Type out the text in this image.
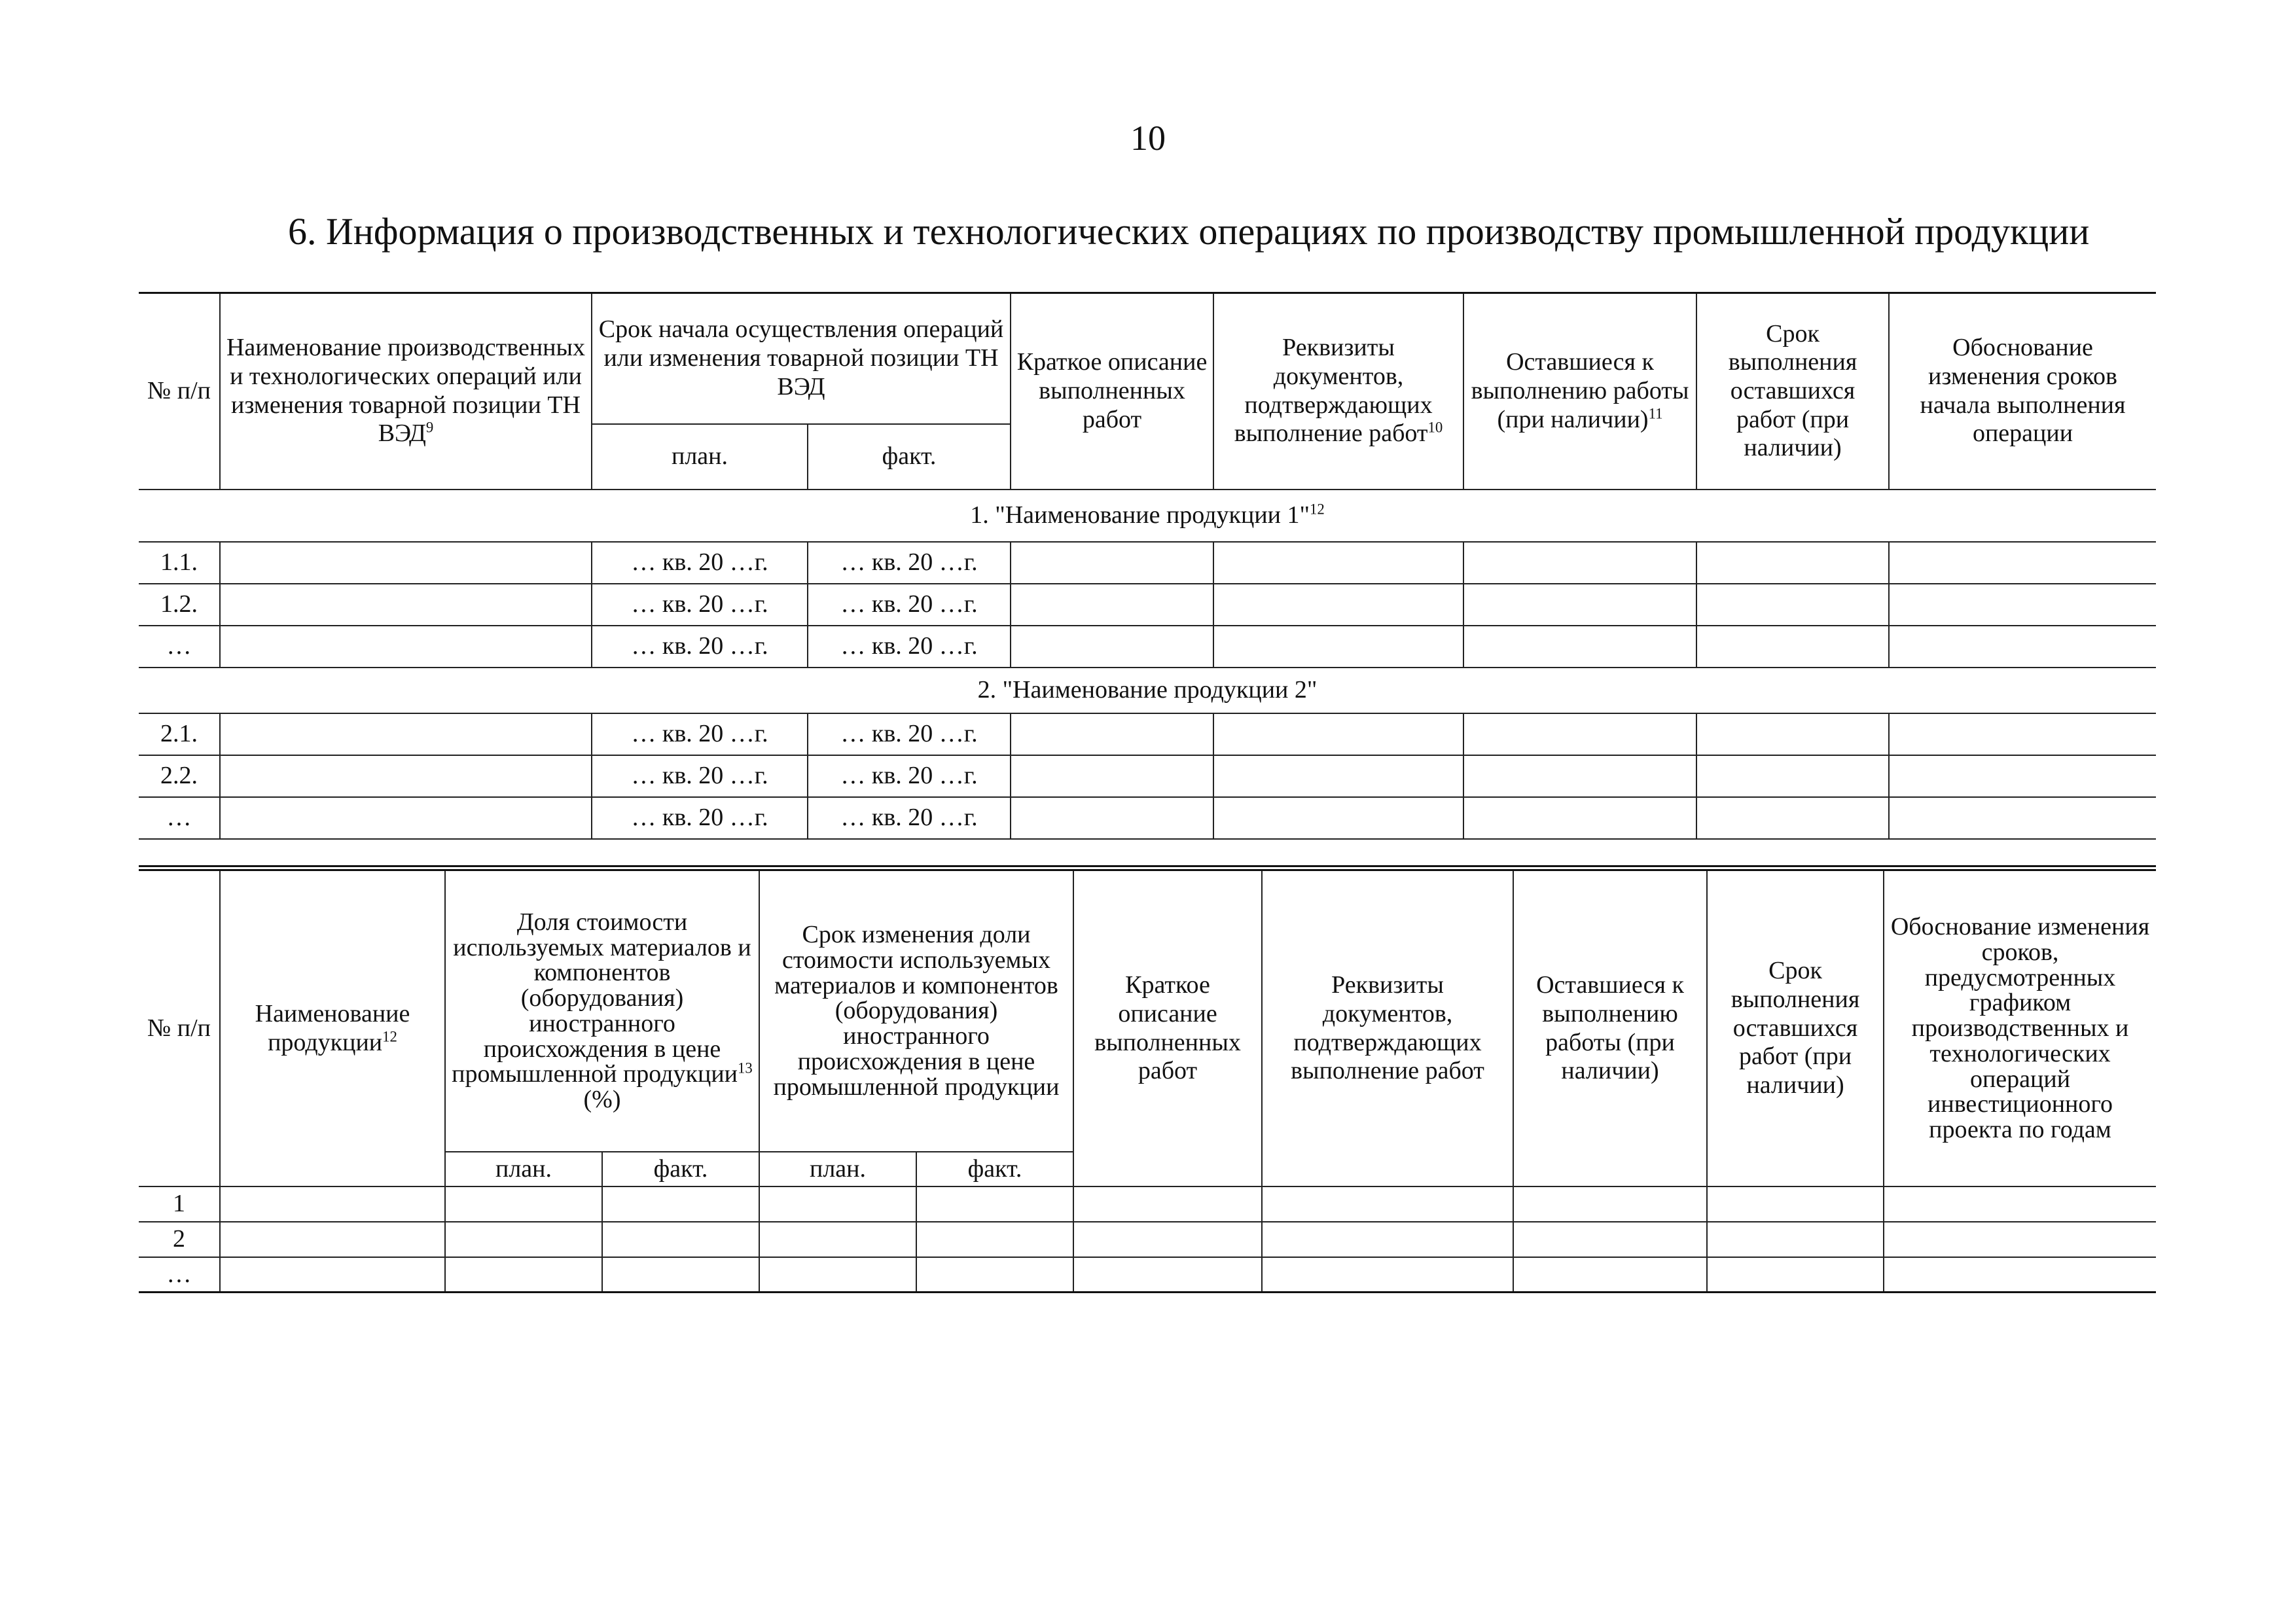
10
6. Информация о производственных и технологических операциях по производству промышленной продукции
№ п/п	Наименование производственных и технологических операций или изменения товарной позиции ТН ВЭД$^9$	Срок начала осуществления операций или изменения товарной позиции ТН ВЭД		Краткое описание выполненных работ	Реквизиты документов, подтверждающих выполнение работ$^{10}$	Оставшиеся к выполнению работы (при наличии)$^{11}$	Срок выполнения оставшихся работ (при наличии)	Обоснование изменения сроков начала выполнения операции
		план.	факт.					
1. "Наименование продукции 1"$^{12}$
1.1.		… кв. 20 …г.	… кв. 20 …г.					
1.2.		… кв. 20 …г.	… кв. 20 …г.					
…		… кв. 20 …г.	… кв. 20 …г.					
2. "Наименование продукции 2"								
2.1.		… кв. 20 …г.	… кв. 20 …г.					
2.2.		… кв. 20 …г.	… кв. 20 …г.					
…		… кв. 20 …г.	… кв. 20 …г.					

№ п/п	Наименование продукции$^{12}$	Доля стоимости используемых материалов и компонентов (оборудования) иностранного происхождения в цене промышленной продукции$^{13}$ (%)		Срок изменения доли стоимости используемых материалов и компонентов (оборудования) иностранного происхождения в цене промышленной продукции		Краткое описание выполненных работ	Реквизиты документов, подтверждающих выполнение работ	Оставшиеся к выполнению работы (при наличии)	Срок выполнения оставшихся работ (при наличии)	Обоснование изменения сроков, предусмотренных графиком производственных и технологических операций инвестиционного проекта по годам
		план.	факт.	план.	факт.					
1										
2										
…										
